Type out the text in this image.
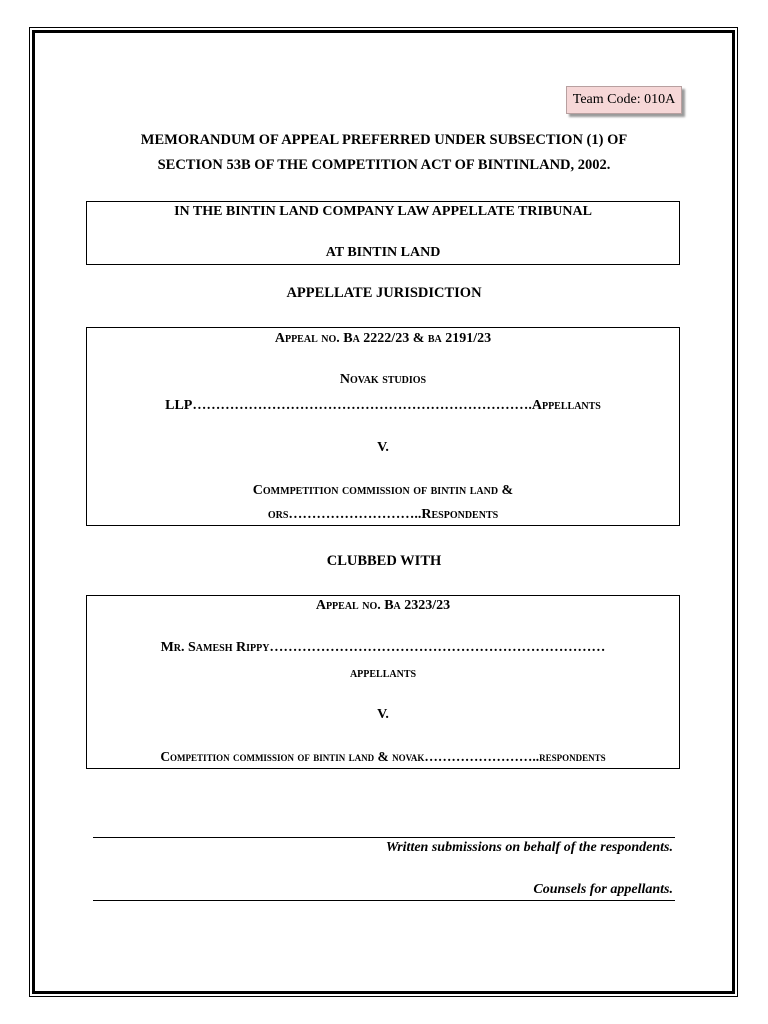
Team Code: 010A
MEMORANDUM OF APPEAL PREFERRED UNDER SUBSECTION (1) OF
SECTION 53B OF THE COMPETITION ACT OF BINTINLAND, 2002.
IN THE BINTIN LAND COMPANY LAW APPELLATE TRIBUNAL
AT BINTIN LAND
APPELLATE JURISDICTION
Appeal no. Ba 2222/23 & ba 2191/23
Novak studios
LLP……………………………………………………………….Appellants
V.
Commpetition commission of bintin land &
ors………………………..Respondents
CLUBBED WITH
Appeal no. Ba 2323/23
Mr. Samesh Rippy………………………………………………………………
appellants
V.
Competition commission of bintin land & novak……………………..respondents
Written submissions on behalf of the respondents.
Counsels for appellants.
